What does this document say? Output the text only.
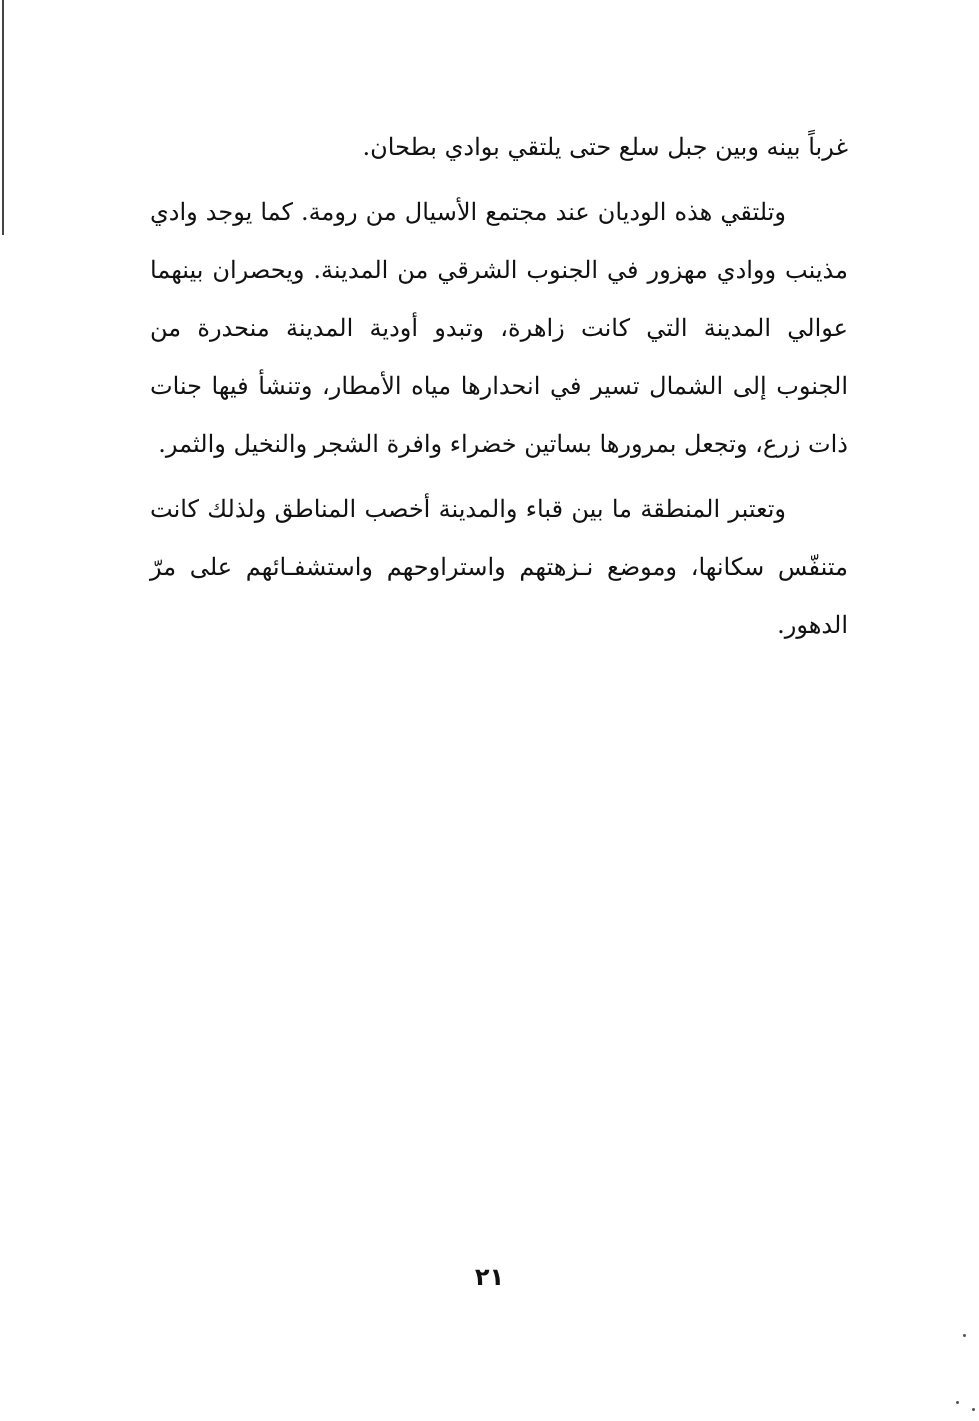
غرباً بينه وبين جبل سلع حتى يلتقي بوادي بطحان.

وتلتقي هذه الوديان عند مجتمع الأسيال من رومة. كما يوجد وادي مذينب ووادي مهزور في الجنوب الشرقي من المدينة. ويحصران بينهما عوالي المدينة التي كانت زاهرة، وتبدو أودية المدينة منحدرة من الجنوب إلى الشمال تسير في انحدارها مياه الأمطار، وتنشأ فيها جنات ذات زرع، وتجعل بمرورها بساتين خضراء وافرة الشجر والنخيل والثمر.

وتعتبر المنطقة ما بين قباء والمدينة أخصب المناطق ولذلك كانت متنفّس سكانها، وموضع نـزهتهم واستراوحهم واستشفـائهم على مرّ الدهور.

٢١
